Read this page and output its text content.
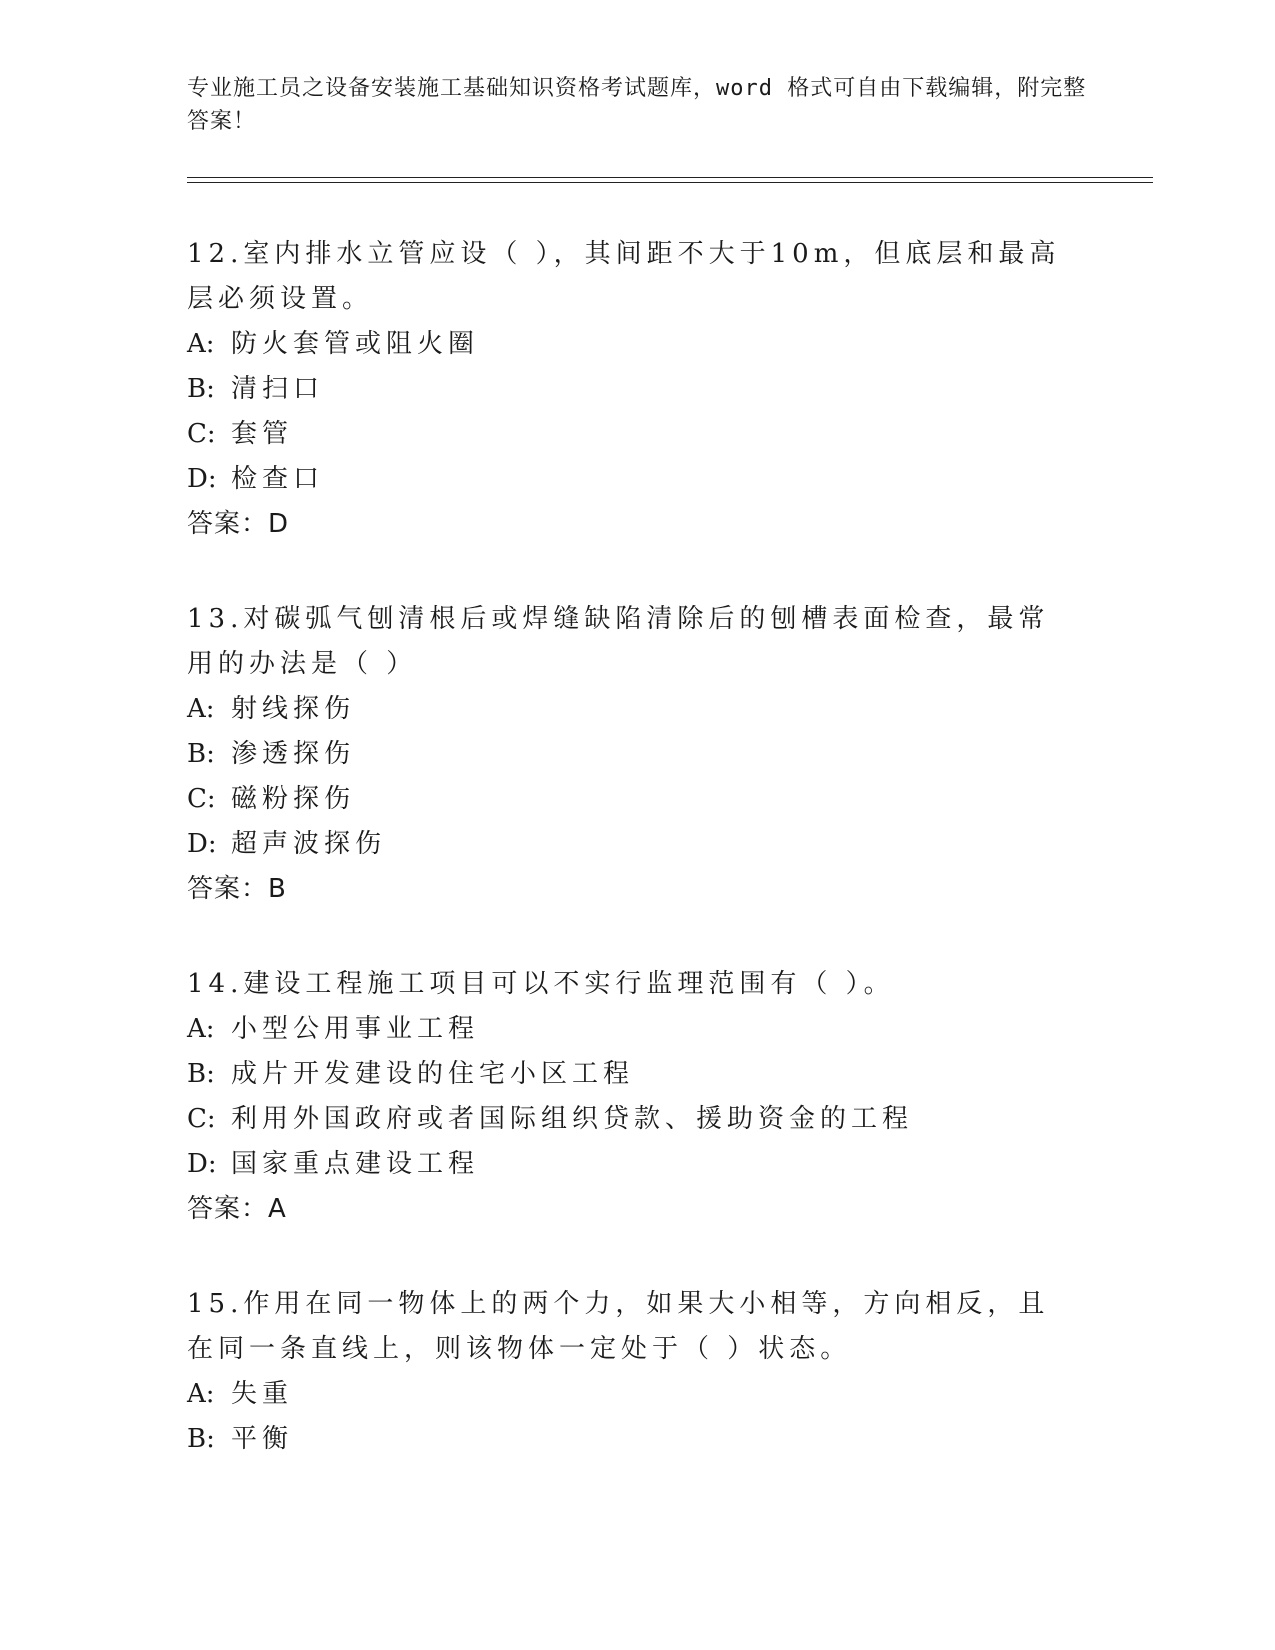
专业施工员之设备安装施工基础知识资格考试题库，word 格式可自由下载编辑，附完整答案！
12.室内排水立管应设（ ），其间距不大于10m，但底层和最高层必须设置。
A: 防火套管或阻火圈
B: 清扫口
C: 套管
D: 检查口
答案：D
13.对碳弧气刨清根后或焊缝缺陷清除后的刨槽表面检查，最常用的办法是（ ）
A: 射线探伤
B: 渗透探伤
C: 磁粉探伤
D: 超声波探伤
答案：B
14.建设工程施工项目可以不实行监理范围有（ ）。
A: 小型公用事业工程
B: 成片开发建设的住宅小区工程
C: 利用外国政府或者国际组织贷款、援助资金的工程
D: 国家重点建设工程
答案：A
15.作用在同一物体上的两个力，如果大小相等，方向相反，且在同一条直线上，则该物体一定处于（ ）状态。
A: 失重
B: 平衡
